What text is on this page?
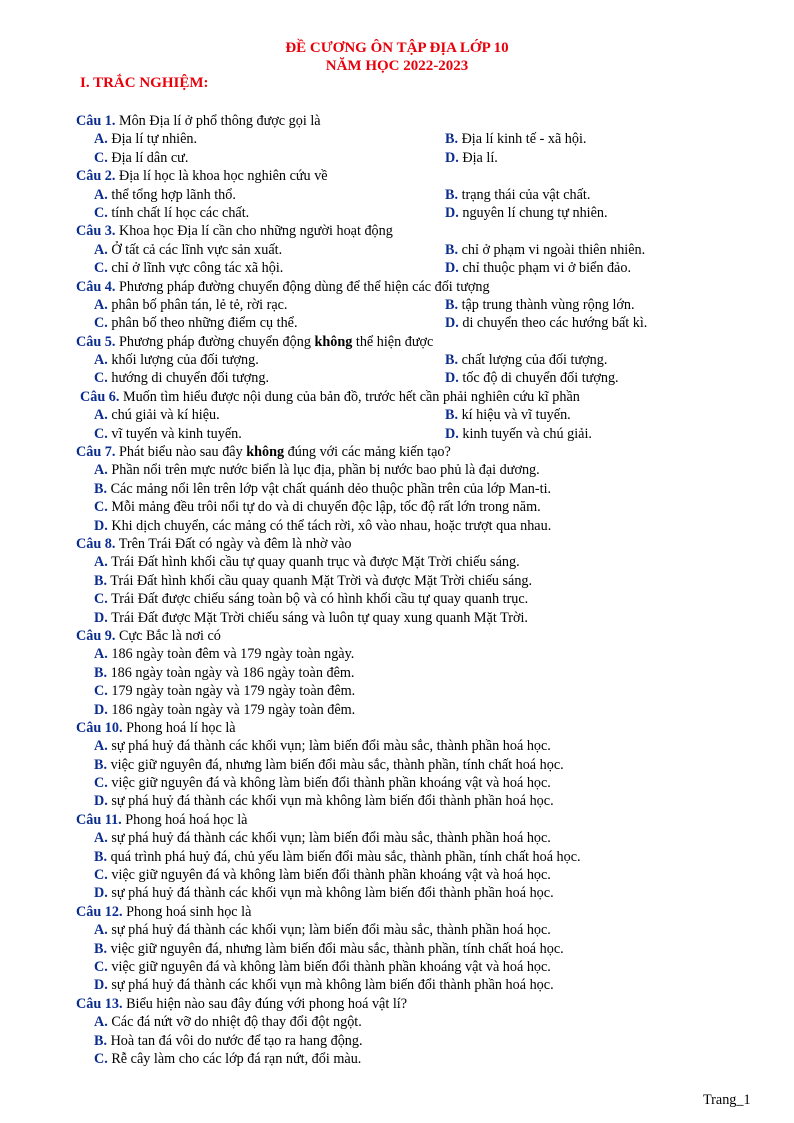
ĐỀ CƯƠNG ÔN TẬP ĐỊA LỚP 10
NĂM HỌC 2022-2023
I. TRẮC NGHIỆM:
Câu 1. Môn Địa lí ở phổ thông được gọi là
A. Địa lí tự nhiên.	B. Địa lí kinh tế - xã hội.
C. Địa lí dân cư.	D. Địa lí.
Câu 2. Địa lí học là khoa học nghiên cứu về
A. thể tổng hợp lãnh thổ.	B. trạng thái của vật chất.
C. tính chất lí học các chất.	D. nguyên lí chung tự nhiên.
Câu 3. Khoa học Địa lí cần cho những người hoạt động
A. Ở tất cả các lĩnh vực sản xuất.	B. chỉ ở phạm vi ngoài thiên nhiên.
C. chỉ ở lĩnh vực công tác xã hội.	D. chỉ thuộc phạm vi ở biển đảo.
Câu 4. Phương pháp đường chuyển động dùng để thể hiện các đối tượng
A. phân bố phân tán, lẻ tẻ, rời rạc.	B. tập trung thành vùng rộng lớn.
C. phân bố theo những điểm cụ thể.	D. di chuyển theo các hướng bất kì.
Câu 5. Phương pháp đường chuyển động không thể hiện được
A. khối lượng của đối tượng.	B. chất lượng của đối tượng.
C. hướng di chuyển đối tượng.	D. tốc độ di chuyển đối tượng.
Câu 6. Muốn tìm hiểu được nội dung của bản đồ, trước hết cần phải nghiên cứu kĩ phần
A. chú giải và kí hiệu.	B. kí hiệu và vĩ tuyến.
C. vĩ tuyến và kinh tuyến.	D. kinh tuyến và chú giải.
Câu 7. Phát biểu nào sau đây không đúng với các mảng kiến tạo?
A. Phần nổi trên mực nước biển là lục địa, phần bị nước bao phủ là đại dương.
B. Các mảng nổi lên trên lớp vật chất quánh dẻo thuộc phần trên của lớp Man-ti.
C. Mỗi mảng đều trôi nổi tự do và di chuyển độc lập, tốc độ rất lớn trong năm.
D. Khi dịch chuyển, các mảng có thể tách rời, xô vào nhau, hoặc trượt qua nhau.
Câu 8. Trên Trái Đất có ngày và đêm là nhờ vào
A. Trái Đất hình khối cầu tự quay quanh trục và được Mặt Trời chiếu sáng.
B. Trái Đất hình khối cầu quay quanh Mặt Trời và được Mặt Trời chiếu sáng.
C. Trái Đất được chiếu sáng toàn bộ và có hình khối cầu tự quay quanh trục.
D. Trái Đất được Mặt Trời chiếu sáng và luôn tự quay xung quanh Mặt Trời.
Câu 9. Cực Bắc là nơi có
A. 186 ngày toàn đêm và 179 ngày toàn ngày.
B. 186 ngày toàn ngày và 186 ngày toàn đêm.
C. 179 ngày toàn ngày và 179 ngày toàn đêm.
D. 186 ngày toàn ngày và 179 ngày toàn đêm.
Câu 10. Phong hoá lí học là
A. sự phá huỷ đá thành các khối vụn; làm biến đổi màu sắc, thành phần hoá học.
B. việc giữ nguyên đá, nhưng làm biến đổi màu sắc, thành phần, tính chất hoá học.
C. việc giữ nguyên đá và không làm biến đổi thành phần khoáng vật và hoá học.
D. sự phá huỷ đá thành các khối vụn mà không làm biến đổi thành phần hoá học.
Câu 11. Phong hoá hoá học là
A. sự phá huỷ đá thành các khối vụn; làm biến đổi màu sắc, thành phần hoá học.
B. quá trình phá huỷ đá, chủ yếu làm biến đổi màu sắc, thành phần, tính chất hoá học.
C. việc giữ nguyên đá và không làm biến đổi thành phần khoáng vật và hoá học.
D. sự phá huỷ đá thành các khối vụn mà không làm biến đổi thành phần hoá học.
Câu 12. Phong hoá sinh học là
A. sự phá huỷ đá thành các khối vụn; làm biến đổi màu sắc, thành phần hoá học.
B. việc giữ nguyên đá, nhưng làm biến đổi màu sắc, thành phần, tính chất hoá học.
C. việc giữ nguyên đá và không làm biến đổi thành phần khoáng vật và hoá học.
D. sự phá huỷ đá thành các khối vụn mà không làm biến đổi thành phần hoá học.
Câu 13. Biểu hiện nào sau đây đúng với phong hoá vật lí?
A. Các đá nứt vỡ do nhiệt độ thay đổi đột ngột.
B. Hoà tan đá vôi do nước để tạo ra hang động.
C. Rễ cây làm cho các lớp đá rạn nứt, đổi màu.
Trang_1
